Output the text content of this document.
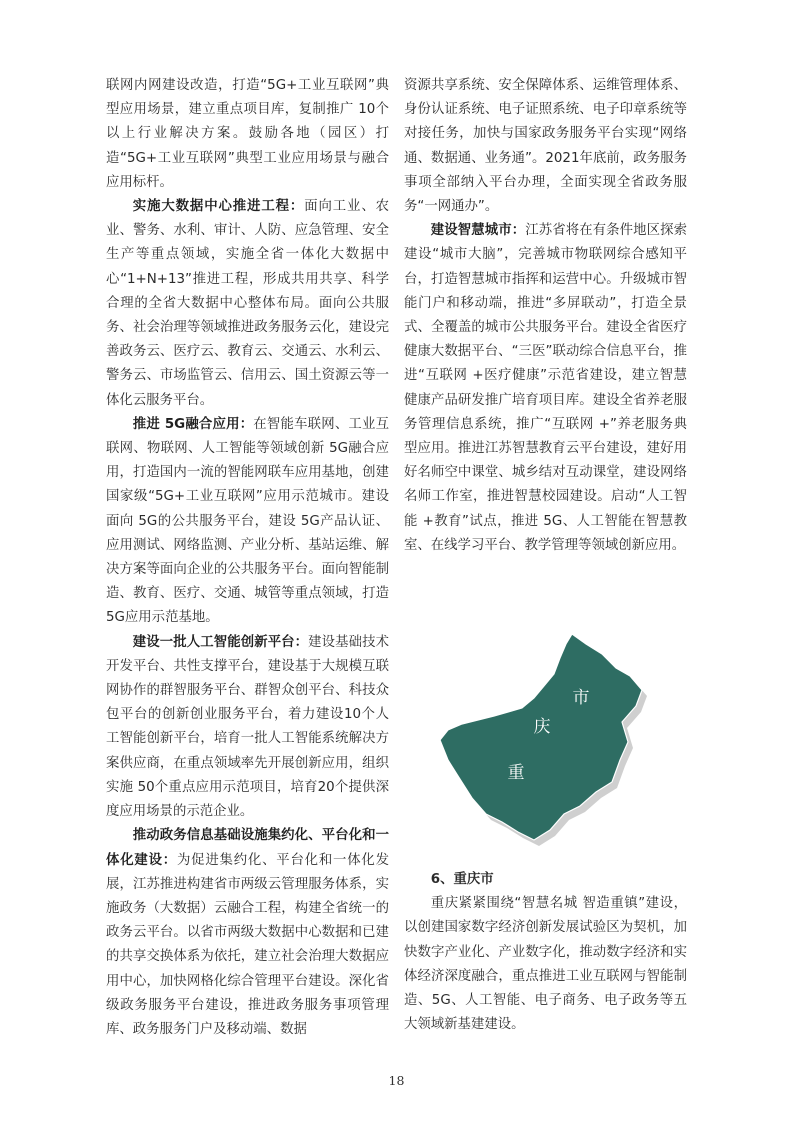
联网内网建设改造，打造“5G+工业互联网”典型应用场景，建立重点项目库，复制推广 10个以上行业解决方案。鼓励各地（园区）打造“5G+工业互联网”典型工业应用场景与融合应用标杆。

实施大数据中心推进工程：面向工业、农业、警务、水利、审计、人防、应急管理、安全生产等重点领域，实施全省一体化大数据中心“1+N+13”推进工程，形成共用共享、科学合理的全省大数据中心整体布局。面向公共服务、社会治理等领域推进政务服务云化，建设完善政务云、医疗云、教育云、交通云、水利云、警务云、市场监管云、信用云、国土资源云等一体化云服务平台。

推进 5G融合应用：在智能车联网、工业互联网、物联网、人工智能等领域创新 5G融合应用，打造国内一流的智能网联车应用基地，创建国家级“5G+工业互联网”应用示范城市。建设面向 5G的公共服务平台，建设 5G产品认证、应用测试、网络监测、产业分析、基站运维、解决方案等面向企业的公共服务平台。面向智能制造、教育、医疗、交通、城管等重点领域，打造 5G应用示范基地。

建设一批人工智能创新平台：建设基础技术开发平台、共性支撑平台，建设基于大规模互联网协作的群智服务平台、群智众创平台、科技众包平台的创新创业服务平台，着力建设10个人工智能创新平台，培育一批人工智能系统解决方案供应商，在重点领域率先开展创新应用，组织实施 50个重点应用示范项目，培育20个提供深度应用场景的示范企业。

推动政务信息基础设施集约化、平台化和一体化建设：为促进集约化、平台化和一体化发展，江苏推进构建省市两级云管理服务体系，实施政务（大数据）云融合工程，构建全省统一的政务云平台。以省市两级大数据中心数据和已建的共享交换体系为依托，建立社会治理大数据应用中心，加快网格化综合管理平台建设。深化省级政务服务平台建设，推进政务服务事项管理库、政务服务门户及移动端、数据

资源共享系统、安全保障体系、运维管理体系、身份认证系统、电子证照系统、电子印章系统等对接任务，加快与国家政务服务平台实现“网络通、数据通、业务通”。2021年底前，政务服务事项全部纳入平台办理，全面实现全省政务服务“一网通办”。

建设智慧城市：江苏省将在有条件地区探索建设“城市大脑”，完善城市物联网综合感知平台，打造智慧城市指挥和运营中心。升级城市智能门户和移动端，推进“多屏联动”，打造全景式、全覆盖的城市公共服务平台。建设全省医疗健康大数据平台、“三医”联动综合信息平台，推进“互联网 +医疗健康”示范省建设，建立智慧健康产品研发推广培育项目库。建设全省养老服务管理信息系统，推广“互联网 +”养老服务典型应用。推进江苏智慧教育云平台建设，建好用好名师空中课堂、城乡结对互动课堂，建设网络名师工作室，推进智慧校园建设。启动“人工智能 +教育”试点，推进 5G、人工智能在智慧教室、在线学习平台、教学管理等领域创新应用。

市
庆
重

6、重庆市

重庆紧紧围绕“智慧名城 智造重镇”建设，以创建国家数字经济创新发展试验区为契机，加快数字产业化、产业数字化，推动数字经济和实体经济深度融合，重点推进工业互联网与智能制造、5G、人工智能、电子商务、电子政务等五大领域新基建建设。

18
